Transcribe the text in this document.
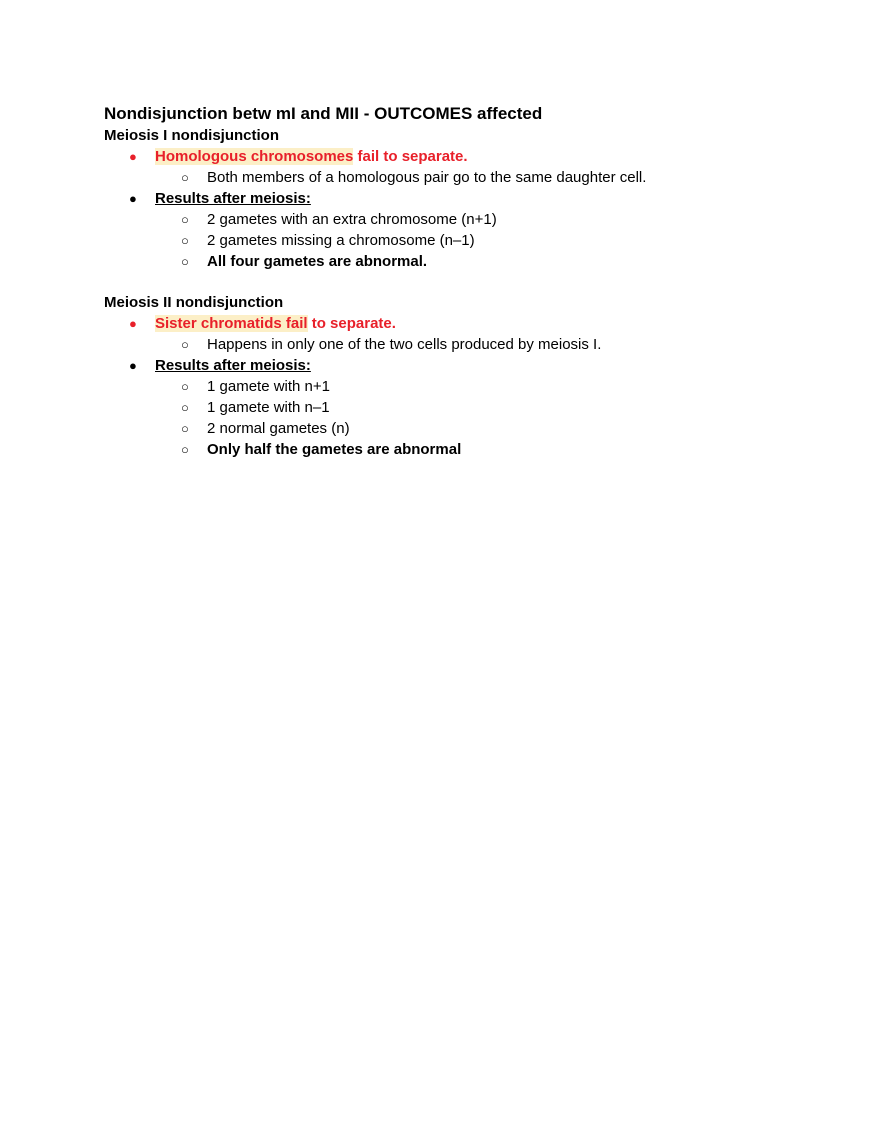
Nondisjunction betw mI and MII - OUTCOMES affected
Meiosis I nondisjunction
● Homologous chromosomes fail to separate.
○ Both members of a homologous pair go to the same daughter cell.
● Results after meiosis:
○ 2 gametes with an extra chromosome (n+1)
○ 2 gametes missing a chromosome (n–1)
○ All four gametes are abnormal.
Meiosis II nondisjunction
● Sister chromatids fail to separate.
○ Happens in only one of the two cells produced by meiosis I.
● Results after meiosis:
○ 1 gamete with n+1
○ 1 gamete with n–1
○ 2 normal gametes (n)
○ Only half the gametes are abnormal
